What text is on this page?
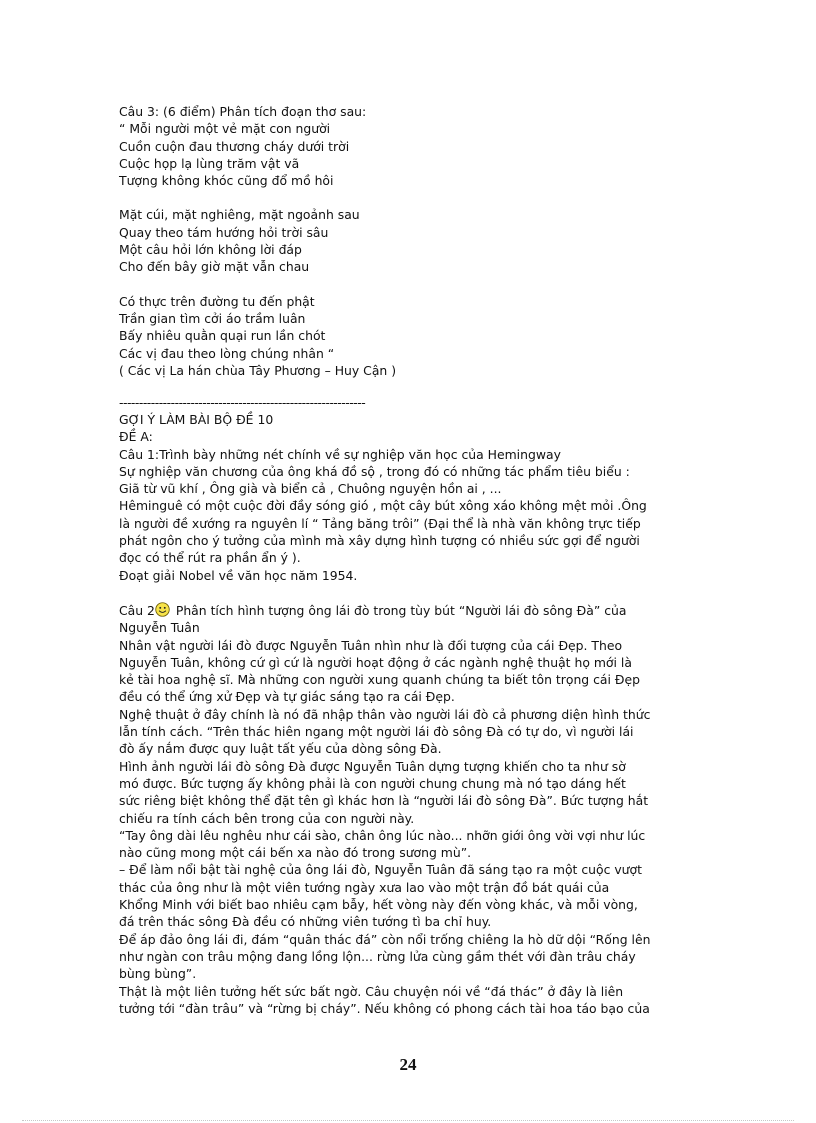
Câu 3: (6 điểm) Phân tích đoạn thơ sau:
“ Mỗi người một vẻ mặt con người
Cuồn cuộn đau thương cháy dưới trời
Cuộc họp lạ lùng trăm vật vã
Tượng không khóc cũng đổ mồ hôi
Mặt cúi, mặt nghiêng, mặt ngoảnh sau
Quay theo tám hướng hỏi trời sâu
Một câu hỏi lớn không lời đáp
Cho đến bây giờ mặt vẫn chau
Có thực trên đường tu đến phật
Trần gian tìm cởi áo trầm luân
Bấy nhiêu quằn quại run lần chót
Các vị đau theo lòng chúng nhân “
( Các vị La hán chùa Tây Phương – Huy Cận )
--------------------------------------------------------------
GỢI Ý LÀM BÀI BỘ ĐỀ 10
ĐỀ A:
Câu 1:Trình bày những nét chính về sự nghiệp văn học của Hemingway
Sự nghiệp văn chương của ông khá đồ sộ , trong đó có những tác phẩm tiêu biểu :
Giã từ vũ khí , Ông già và biển cả , Chuông nguyện hồn ai , ...
Hêminguê có một cuộc đời đầy sóng gió , một cây bút xông xáo không mệt mỏi .Ông
là người đề xướng ra nguyên lí “ Tảng băng trôi” (Đại thể là nhà văn không trực tiếp
phát ngôn cho ý tưởng của mình mà xây dựng hình tượng có nhiều sức gợi để người
đọc có thể rút ra phần ẩn ý ).
Đoạt giải Nobel về văn học năm 1954.
Câu 2 Phân tích hình tượng ông lái đò trong tùy bút “Người lái đò sông Đà” của
Nguyễn Tuân
Nhân vật người lái đò được Nguyễn Tuân nhìn như là đối tượng của cái Đẹp. Theo
Nguyễn Tuân, không cứ gì cứ là người hoạt động ở các ngành nghệ thuật họ mới là
kẻ tài hoa nghệ sĩ. Mà những con người xung quanh chúng ta biết tôn trọng cái Đẹp
đều có thể ứng xử Đẹp và tự giác sáng tạo ra cái Đẹp.
Nghệ thuật ở đây chính là nó đã nhập thân vào người lái đò cả phương diện hình thức
lẫn tính cách. “Trên thác hiên ngang một người lái đò sông Đà có tự do, vì người lái
đò ấy nắm được quy luật tất yếu của dòng sông Đà.
Hình ảnh người lái đò sông Đà được Nguyễn Tuân dựng tượng khiến cho ta như sờ
mó được. Bức tượng ấy không phải là con người chung chung mà nó tạo dáng hết
sức riêng biệt không thể đặt tên gì khác hơn là “người lái đò sông Đà”. Bức tượng hắt
chiếu ra tính cách bên trong của con người này.
“Tay ông dài lêu nghêu như cái sào, chân ông lúc nào... nhỡn giới ông vời vợi như lúc
nào cũng mong một cái bến xa nào đó trong sương mù”.
– Để làm nổi bật tài nghệ của ông lái đò, Nguyễn Tuân đã sáng tạo ra một cuộc vượt
thác của ông như là một viên tướng ngày xưa lao vào một trận đồ bát quái của
Khổng Minh với biết bao nhiêu cạm bẫy, hết vòng này đến vòng khác, và mỗi vòng,
đá trên thác sông Đà đều có những viên tướng tì ba chỉ huy.
Để áp đảo ông lái đi, đám “quân thác đá” còn nổi trống chiêng la hò dữ dội “Rống lên
như ngàn con trâu mộng đang lồng lộn... rừng lửa cùng gầm thét với đàn trâu cháy
bùng bùng”.
Thật là một liên tưởng hết sức bất ngờ. Câu chuyện nói về “đá thác” ở đây là liên
tưởng tới “đàn trâu” và “rừng bị cháy”. Nếu không có phong cách tài hoa táo bạo của
24
